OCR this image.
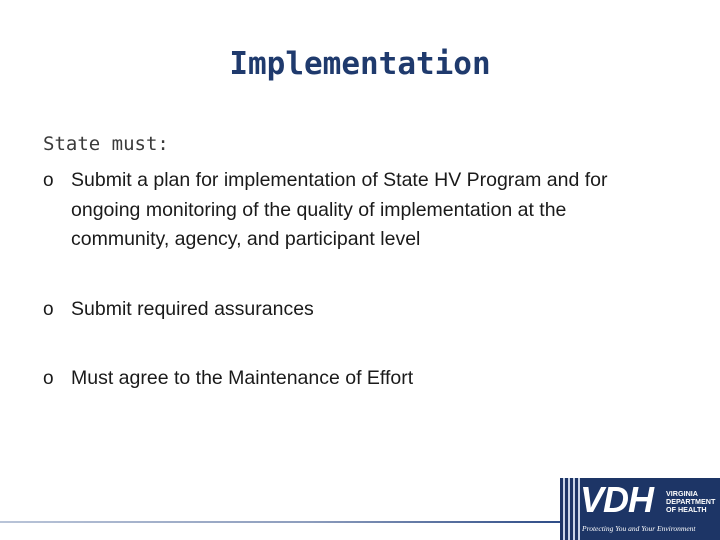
Implementation
State must:
o Submit a plan for implementation of State HV Program and for ongoing monitoring of the quality of implementation at the community, agency, and participant level
o Submit required assurances
o Must agree to the Maintenance of Effort
VDH VIRGINIA
DEPARTMENT
OF HEALTH
Protecting You and Your Environment
